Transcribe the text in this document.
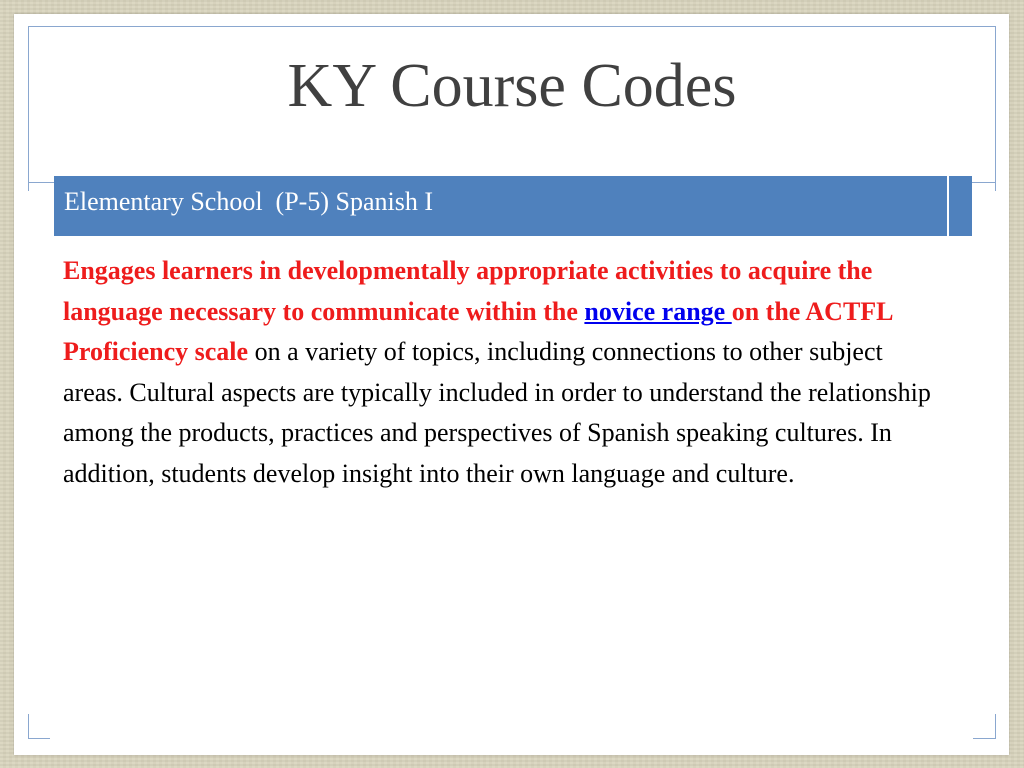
KY Course Codes
Elementary School  (P-5) Spanish I
Engages learners in developmentally appropriate activities to acquire the language necessary to communicate within the novice range on the ACTFL Proficiency scale on a variety of topics, including connections to other subject areas. Cultural aspects are typically included in order to understand the relationship among the products, practices and perspectives of Spanish speaking cultures. In addition, students develop insight into their own language and culture.
